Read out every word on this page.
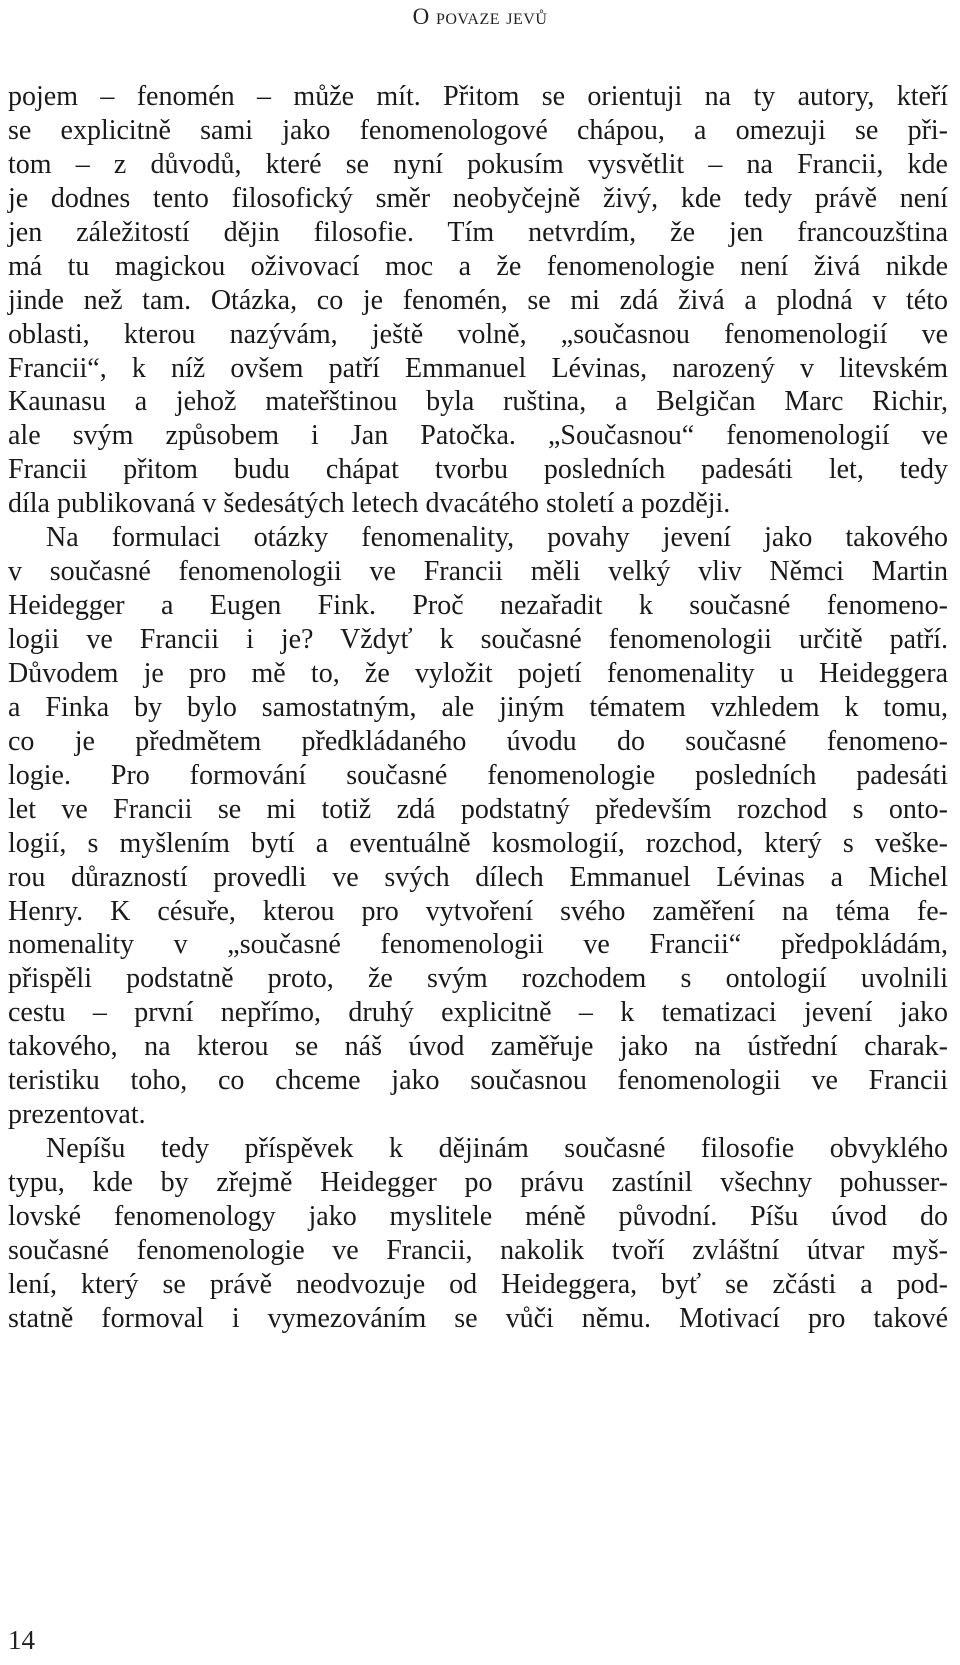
O povaze jevů
pojem – fenomén – může mít. Přitom se orientuji na ty autory, kteří
se explicitně sami jako fenomenologové chápou, a omezuji se při-
tom – z důvodů, které se nyní pokusím vysvětlit – na Francii, kde
je dodnes tento filosofický směr neobyčejně živý, kde tedy právě není
jen záležitostí dějin filosofie. Tím netvrdím, že jen francouzština
má tu magickou oživovací moc a že fenomenologie není živá nikde
jinde než tam. Otázka, co je fenomén, se mi zdá živá a plodná v této
oblasti, kterou nazývám, ještě volně, „současnou fenomenologií ve
Francii“, k níž ovšem patří Emmanuel Lévinas, narozený v litevském
Kaunasu a jehož mateřštinou byla ruština, a Belgičan Marc Richir,
ale svým způsobem i Jan Patočka. „Současnou“ fenomenologií ve
Francii přitom budu chápat tvorbu posledních padesáti let, tedy
díla publikovaná v šedesátých letech dvacátého století a později.
Na formulaci otázky fenomenality, povahy jevení jako takového
v současné fenomenologii ve Francii měli velký vliv Němci Martin
Heidegger a Eugen Fink. Proč nezařadit k současné fenomeno-
logii ve Francii i je? Vždyť k současné fenomenologii určitě patří.
Důvodem je pro mě to, že vyložit pojetí fenomenality u Heideggera
a Finka by bylo samostatným, ale jiným tématem vzhledem k tomu,
co je předmětem předkládaného úvodu do současné fenomeno-
logie. Pro formování současné fenomenologie posledních padesáti
let ve Francii se mi totiž zdá podstatný především rozchod s onto-
logií, s myšlením bytí a eventuálně kosmologií, rozchod, který s veške-
rou důrazností provedli ve svých dílech Emmanuel Lévinas a Michel
Henry. K césuře, kterou pro vytvoření svého zaměření na téma fe-
nomenality v „současné fenomenologii ve Francii“ předpokládám,
přispěli podstatně proto, že svým rozchodem s ontologií uvolnili
cestu – první nepřímo, druhý explicitně – k tematizaci jevení jako
takového, na kterou se náš úvod zaměřuje jako na ústřední charak-
teristiku toho, co chceme jako současnou fenomenologii ve Francii
prezentovat.
Nepíšu tedy příspěvek k dějinám současné filosofie obvyklého
typu, kde by zřejmě Heidegger po právu zastínil všechny pohusser-
lovské fenomenology jako myslitele méně původní. Píšu úvod do
současné fenomenologie ve Francii, nakolik tvoří zvláštní útvar myš-
lení, který se právě neodvozuje od Heideggera, byť se zčásti a pod-
statně formoval i vymezováním se vůči němu. Motivací pro takové
14
